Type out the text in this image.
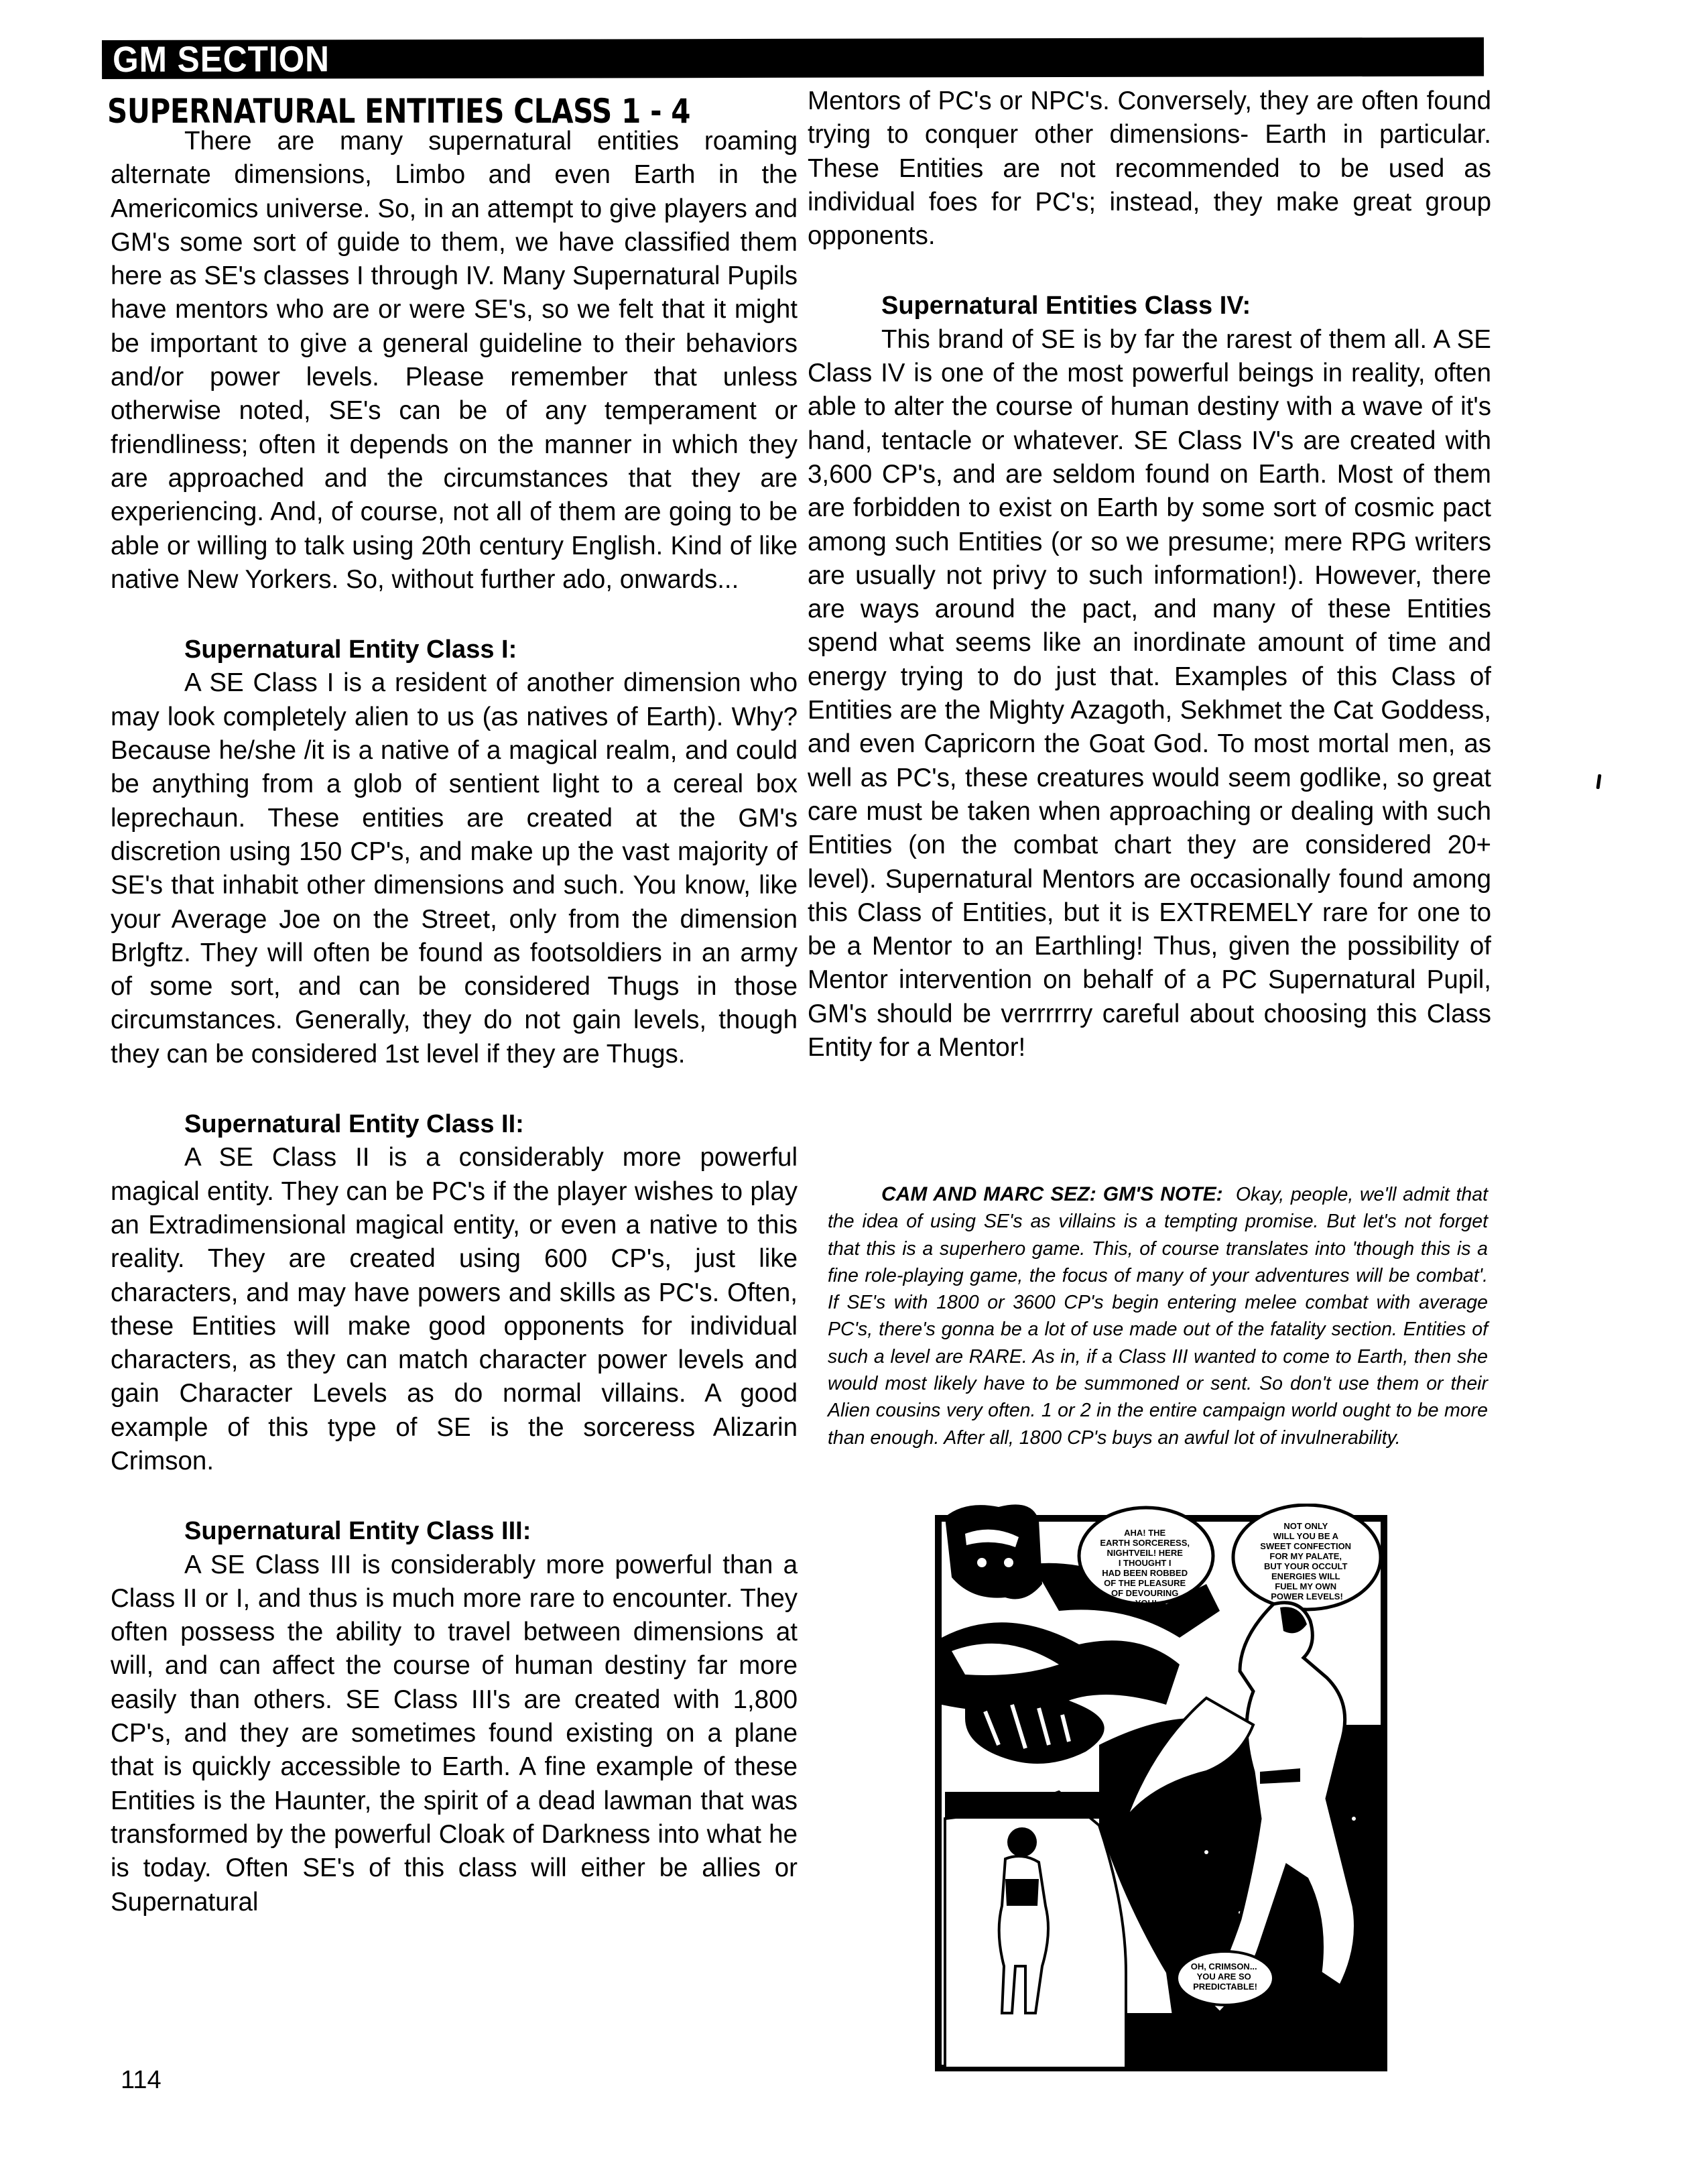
GM SECTION
SUPERNATURAL ENTITIES CLASS 1 - 4

There are many supernatural entities roaming alternate dimensions, Limbo and even Earth in the Americomics universe. So, in an attempt to give players and GM's some sort of guide to them, we have classified them here as SE's classes I through IV. Many Supernatural Pupils have mentors who are or were SE's, so we felt that it might be important to give a general guideline to their behaviors and/or power levels. Please remember that unless otherwise noted, SE's can be of any temperament or friendliness; often it depends on the manner in which they are approached and the circumstances that they are experiencing. And, of course, not all of them are going to be able or willing to talk using 20th century English. Kind of like native New Yorkers. So, without further ado, onwards...

Supernatural Entity Class I:

A SE Class I is a resident of another dimension who may look completely alien to us (as natives of Earth). Why? Because he/she /it is a native of a magical realm, and could be anything from a glob of sentient light to a cereal box leprechaun. These entities are created at the GM's discretion using 150 CP's, and make up the vast majority of SE's that inhabit other dimensions and such. You know, like your Average Joe on the Street, only from the dimension Brlgftz. They will often be found as footsoldiers in an army of some sort, and can be considered Thugs in those circumstances. Generally, they do not gain levels, though they can be considered 1st level if they are Thugs.

Supernatural Entity Class II:

A SE Class II is a considerably more powerful magical entity. They can be PC's if the player wishes to play an Extradimensional magical entity, or even a native to this reality. They are created using 600 CP's, just like characters, and may have powers and skills as PC's. Often, these Entities will make good opponents for individual characters, as they can match character power levels and gain Character Levels as do normal villains. A good example of this type of SE is the sorceress Alizarin Crimson.

Supernatural Entity Class III:

A SE Class III is considerably more powerful than a Class II or I, and thus is much more rare to encounter. They often possess the ability to travel between dimensions at will, and can affect the course of human destiny far more easily than others. SE Class III's are created with 1,800 CP's, and they are sometimes found existing on a plane that is quickly accessible to Earth. A fine example of these Entities is the Haunter, the spirit of a dead lawman that was transformed by the powerful Cloak of Darkness into what he is today. Often SE's of this class will either be allies or Supernatural

Mentors of PC's or NPC's. Conversely, they are often found trying to conquer other dimensions- Earth in particular. These Entities are not recommended to be used as individual foes for PC's; instead, they make great group opponents.

Supernatural Entities Class IV:

This brand of SE is by far the rarest of them all. A SE Class IV is one of the most powerful beings in reality, often able to alter the course of human destiny with a wave of it's hand, tentacle or whatever. SE Class IV's are created with 3,600 CP's, and are seldom found on Earth. Most of them are forbidden to exist on Earth by some sort of cosmic pact among such Entities (or so we presume; mere RPG writers are usually not privy to such information!). However, there are ways around the pact, and many of these Entities spend what seems like an inordinate amount of time and energy trying to do just that. Examples of this Class of Entities are the Mighty Azagoth, Sekhmet the Cat Goddess, and even Capricorn the Goat God. To most mortal men, as well as PC's, these creatures would seem godlike, so great care must be taken when approaching or dealing with such Entities (on the combat chart they are considered 20+ level). Supernatural Mentors are occasionally found among this Class of Entities, but it is EXTREMELY rare for one to be a Mentor to an Earthling! Thus, given the possibility of Mentor intervention on behalf of a PC Supernatural Pupil, GM's should be verrrrrry careful about choosing this Class Entity for a Mentor!

CAM AND MARC SEZ: GM'S NOTE: Okay, people, we'll admit that the idea of using SE's as villains is a tempting promise. But let's not forget that this is a superhero game. This, of course translates into 'though this is a fine role-playing game, the focus of many of your adventures will be combat'. If SE's with 1800 or 3600 CP's begin entering melee combat with average PC's, there's gonna be a lot of use made out of the fatality section. Entities of such a level are RARE. As in, if a Class III wanted to come to Earth, then she would most likely have to be summoned or sent. So don't use them or their Alien cousins very often. 1 or 2 in the entire campaign world ought to be more than enough. After all, 1800 CP's buys an awful lot of invulnerability.

AHA! THE EARTH SORCERESS, NIGHTVEIL! HERE I THOUGHT I HAD BEEN ROBBED OF THE PLEASURE OF DEVOURING YOU!
NOT ONLY WILL YOU BE A SWEET CONFECTION FOR MY PALATE, BUT YOUR OCCULT ENERGIES WILL FUEL MY OWN POWER LEVELS!
OH, CRIMSON... YOU ARE SO PREDICTABLE!
114
